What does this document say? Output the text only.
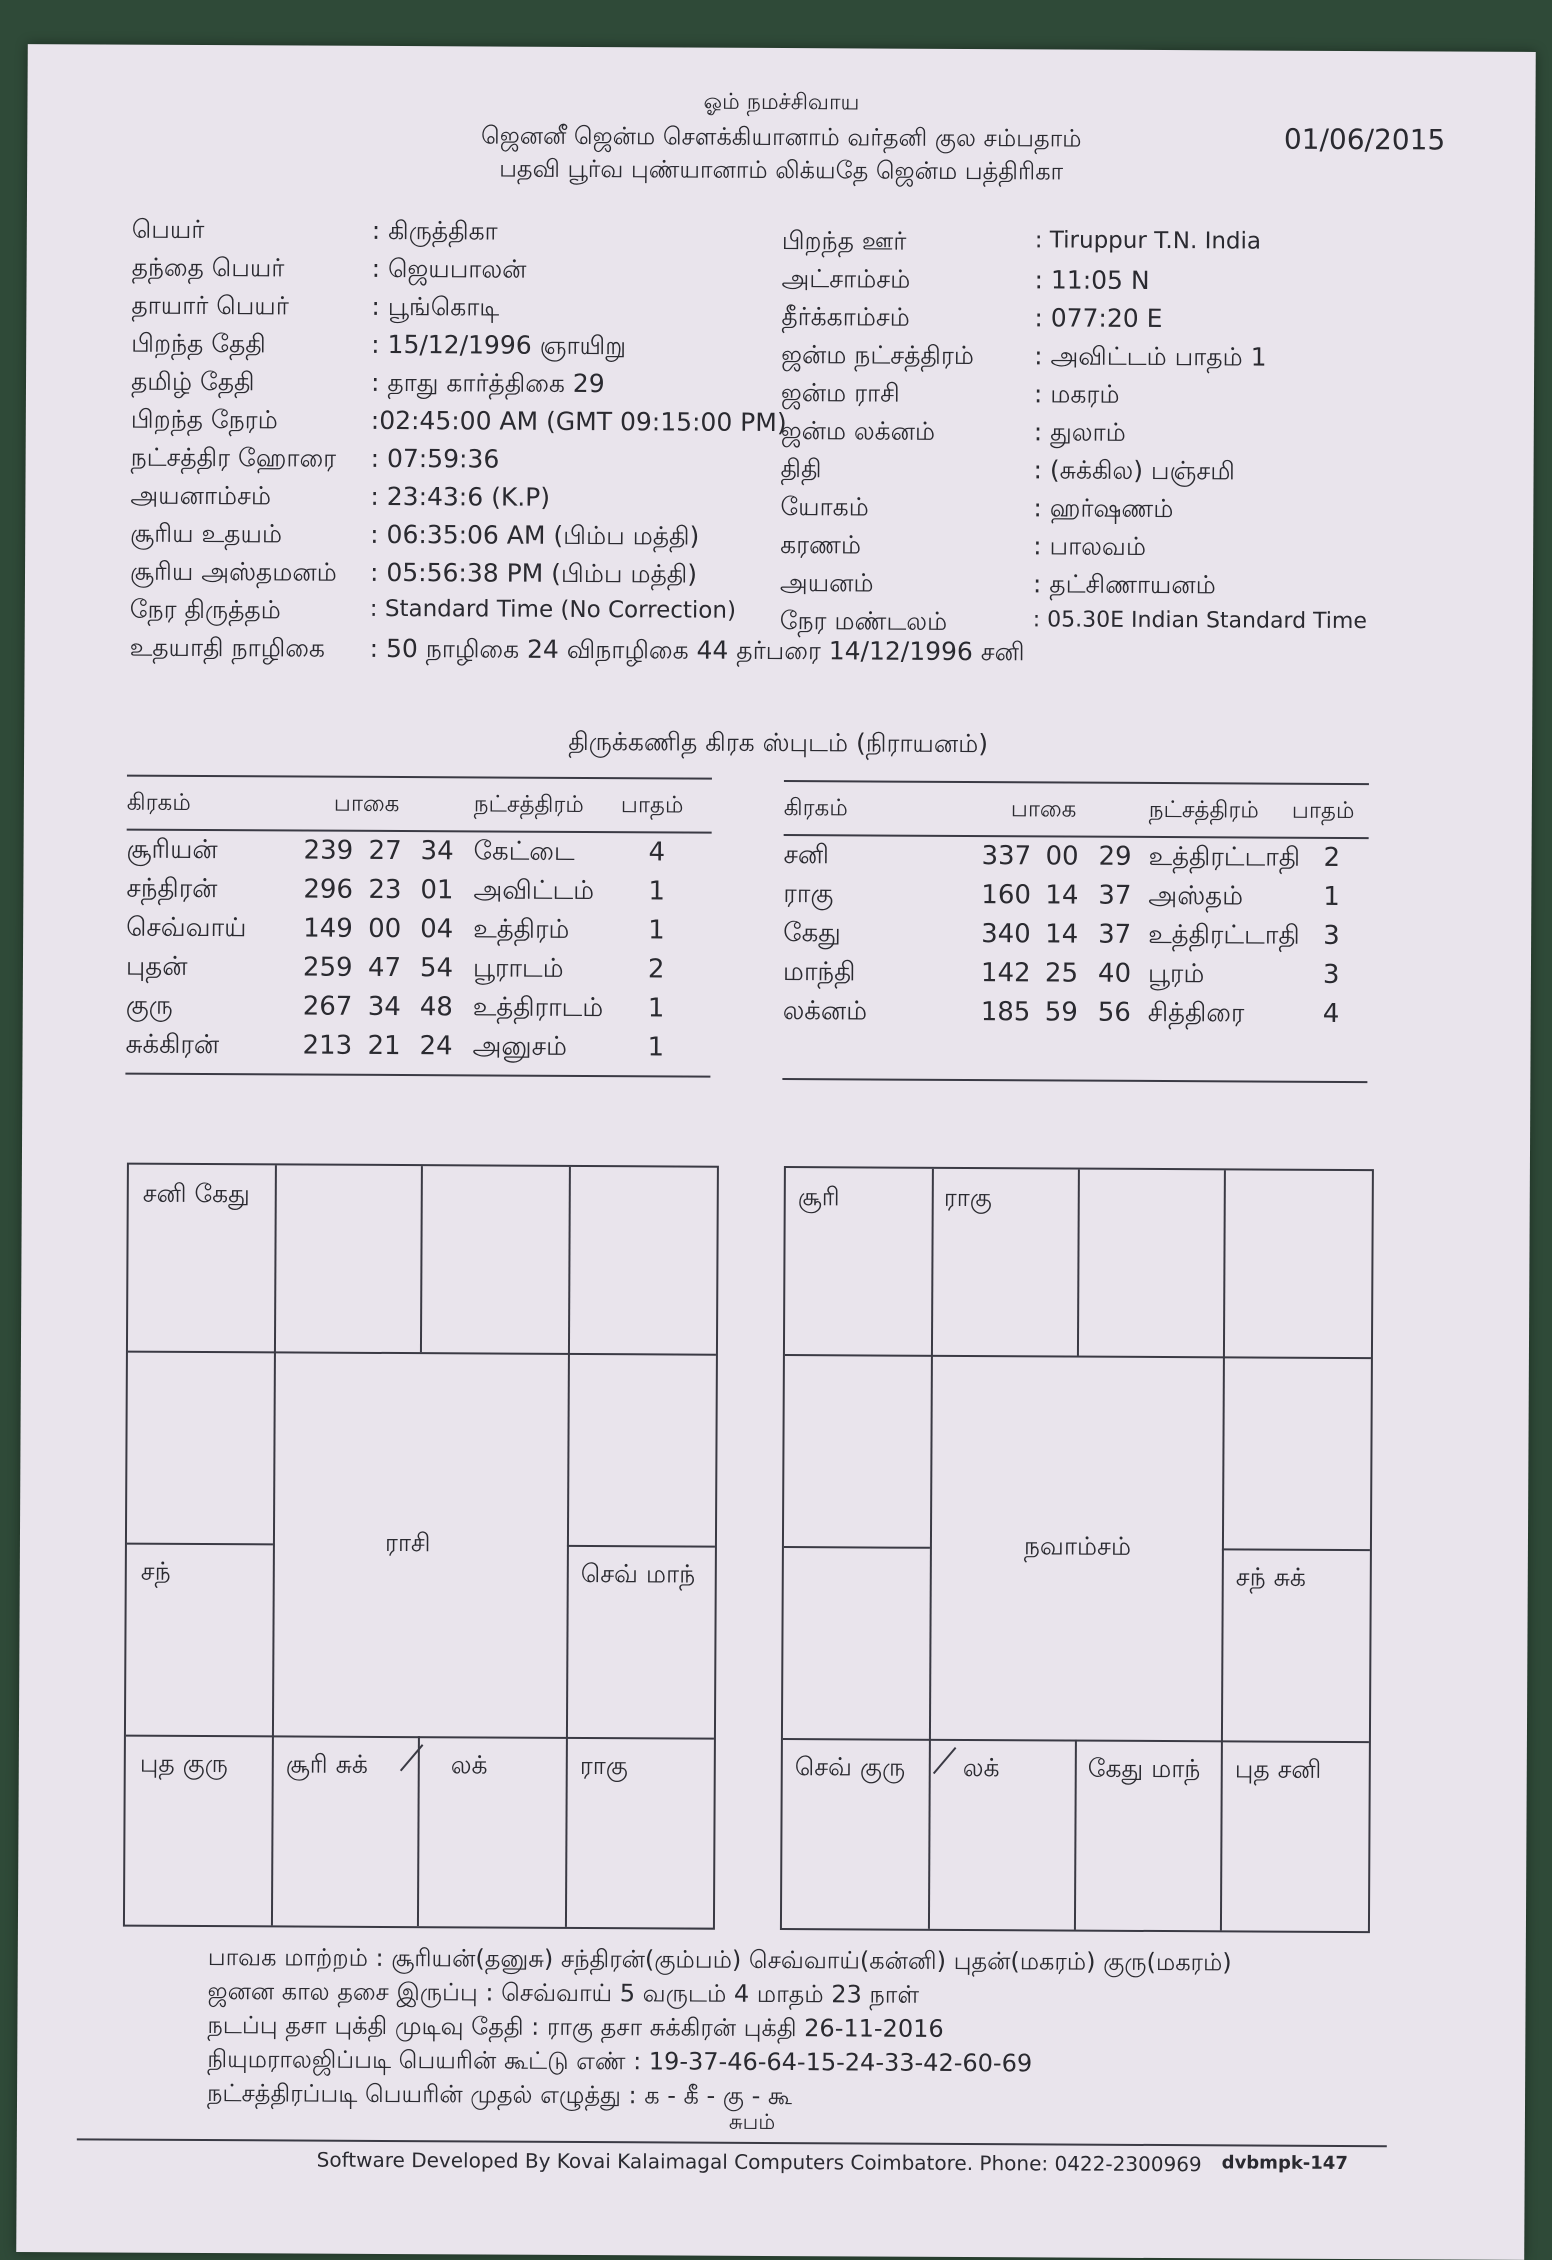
ஓம் நமச்சிவாய
ஜெனனீ ஜென்ம சௌக்கியானாம் வர்தனி குல சம்பதாம்
பதவி பூர்வ புண்யானாம் லிக்யதே ஜென்ம பத்திரிகா
01/06/2015
பெயர்	: கிருத்திகா
தந்தை பெயர்	: ஜெயபாலன்
தாயார் பெயர்	: பூங்கொடி
பிறந்த தேதி	: 15/12/1996 ஞாயிறு
தமிழ் தேதி	: தாது கார்த்திகை 29
பிறந்த நேரம்	:02:45:00 AM (GMT 09:15:00 PM)
நட்சத்திர ஹோரை : 07:59:36
அயனாம்சம்	: 23:43:6 (K.P)
சூரிய உதயம்	: 06:35:06 AM (பிம்ப மத்தி)
சூரிய அஸ்தமனம் : 05:56:38 PM (பிம்ப மத்தி)
நேர திருத்தம்	: Standard Time (No Correction)
உதயாதி நாழிகை : 50 நாழிகை 24 விநாழிகை 44 தர்பரை 14/12/1996 சனி
பிறந்த ஊர்	: Tiruppur T.N. India
அட்சாம்சம்	: 11:05 N
தீர்க்காம்சம்	: 077:20 E
ஜன்ம நட்சத்திரம் : அவிட்டம் பாதம் 1
ஜன்ம ராசி	: மகரம்
ஜன்ம லக்னம்	: துலாம்
திதி	: (சுக்கில) பஞ்சமி
யோகம்	: ஹர்ஷணம்
கரணம்	: பாலவம்
அயனம்	: தட்சிணாயனம்
நேர மண்டலம்	: 05.30E Indian Standard Time
திருக்கணித கிரக ஸ்புடம் (நிராயனம்)
கிரகம்	பாகை	நட்சத்திரம் பாதம்
சூரியன்	239 27 34 கேட்டை	4
சந்திரன்	296 23 01 அவிட்டம் 1
செவ்வாய் 149 00 04 உத்திரம்	1
புதன்	259 47 54 பூராடம்	2
குரு	267 34 48 உத்திராடம் 1
சுக்கிரன்	213 21 24 அனுசம்	1
கிரகம்	பாகை	நட்சத்திரம் பாதம்
சனி	337 00 29 உத்திரட்டாதி 2
ராகு	160 14 37 அஸ்தம்	1
கேது	340 14 37 உத்திரட்டாதி 3
மாந்தி	142 25 40 பூரம்	3
லக்னம்	185 59 56 சித்திரை	4
சனி கேது
ராசி
சந்	செவ் மாந்
புத குரு சூரி சுக்	லக்	ராகு
சூரி	ராகு
நவாம்சம்
சந் சுக்
செவ் குரு லக்	கேது மாந் புத சனி
பாவக மாற்றம் : சூரியன்(தனுசு) சந்திரன்(கும்பம்) செவ்வாய்(கன்னி) புதன்(மகரம்) குரு(மகரம்)
ஜனன கால தசை இருப்பு : செவ்வாய் 5 வருடம் 4 மாதம் 23 நாள்
நடப்பு தசா புக்தி முடிவு தேதி : ராகு தசா சுக்கிரன் புக்தி 26-11-2016
நியுமராலஜிப்படி பெயரின் கூட்டு எண் : 19-37-46-64-15-24-33-42-60-69
நட்சத்திரப்படி பெயரின் முதல் எழுத்து : க - கீ - கு - கூ
சுபம்
Software Developed By Kovai Kalaimagal Computers Coimbatore. Phone: 0422-2300969 dvbmpk-147
